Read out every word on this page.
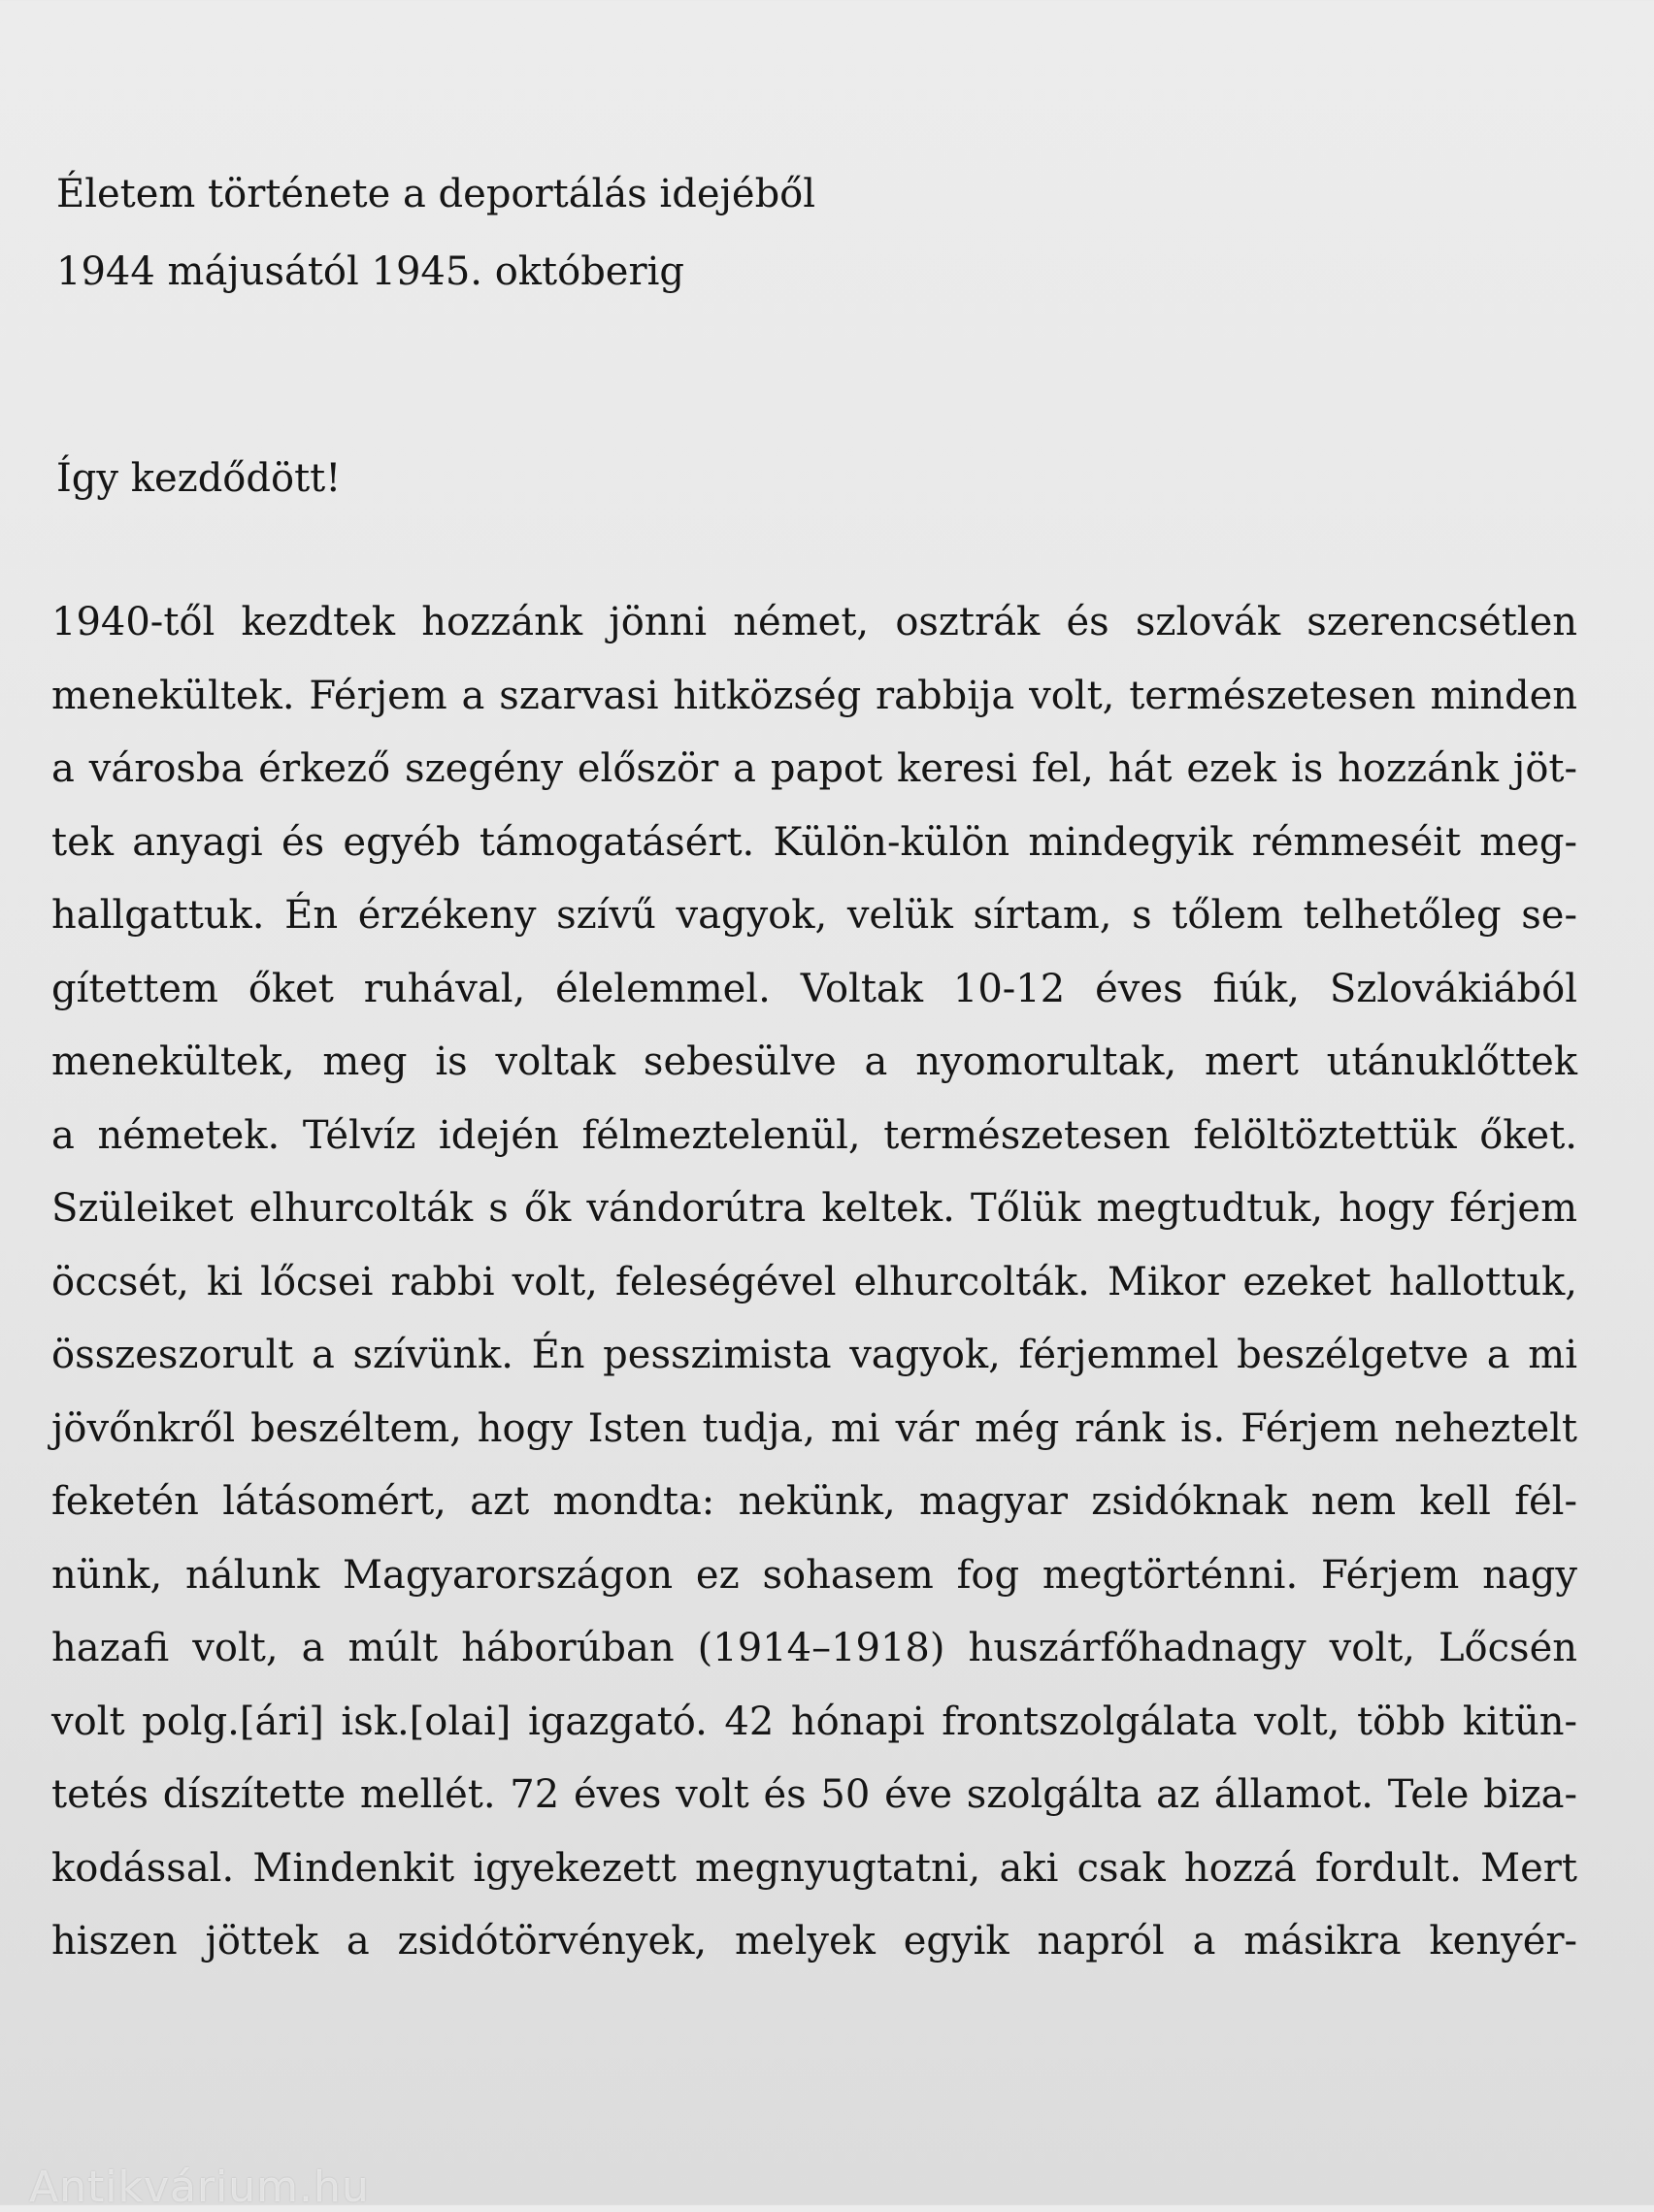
Életem története a deportálás idejéből
1944 májusától 1945. októberig
Így kezdődött!
1940-től kezdtek hozzánk jönni német, osztrák és szlovák szerencsétlen
menekültek. Férjem a szarvasi hitközség rabbija volt, természetesen minden
a városba érkező szegény először a papot keresi fel, hát ezek is hozzánk jöt-
tek anyagi és egyéb támogatásért. Külön-külön mindegyik rémmeséit meg-
hallgattuk. Én érzékeny szívű vagyok, velük sírtam, s tőlem telhetőleg se-
gítettem őket ruhával, élelemmel. Voltak 10-12 éves fiúk, Szlovákiából
menekültek, meg is voltak sebesülve a nyomorultak, mert utánuklőttek
a németek. Télvíz idején félmeztelenül, természetesen felöltöztettük őket.
Szüleiket elhurcolták s ők vándorútra keltek. Tőlük megtudtuk, hogy férjem
öccsét, ki lőcsei rabbi volt, feleségével elhurcolták. Mikor ezeket hallottuk,
összeszorult a szívünk. Én pesszimista vagyok, férjemmel beszélgetve a mi
jövőnkről beszéltem, hogy Isten tudja, mi vár még ránk is. Férjem neheztelt
feketén látásomért, azt mondta: nekünk, magyar zsidóknak nem kell fél-
nünk, nálunk Magyarországon ez sohasem fog megtörténni. Férjem nagy
hazafi volt, a múlt háborúban (1914–1918) huszárfőhadnagy volt, Lőcsén
volt polg.[ári] isk.[olai] igazgató. 42 hónapi frontszolgálata volt, több kitün-
tetés díszítette mellét. 72 éves volt és 50 éve szolgálta az államot. Tele biza-
kodással. Mindenkit igyekezett megnyugtatni, aki csak hozzá fordult. Mert
hiszen jöttek a zsidótörvények, melyek egyik napról a másikra kenyér-
Antikvárium.hu
